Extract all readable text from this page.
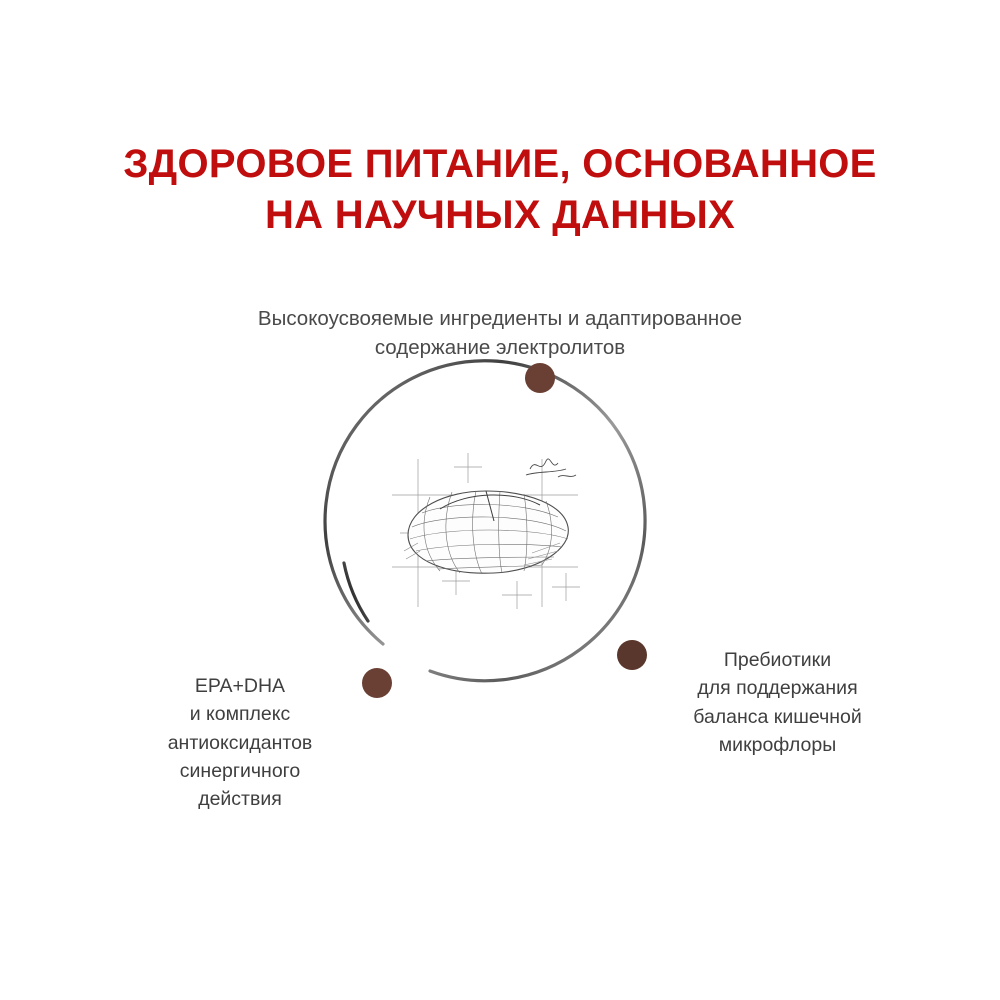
ЗДОРОВОЕ ПИТАНИЕ, ОСНОВАННОЕ
НА НАУЧНЫХ ДАННЫХ

Высокоусвояемые ингредиенты и адаптированное
содержание электролитов

EPA+DHA
и комплекс
антиоксидантов
синергичного
действия
Пребиотики
для поддержания
баланса кишечной
микрофлоры
